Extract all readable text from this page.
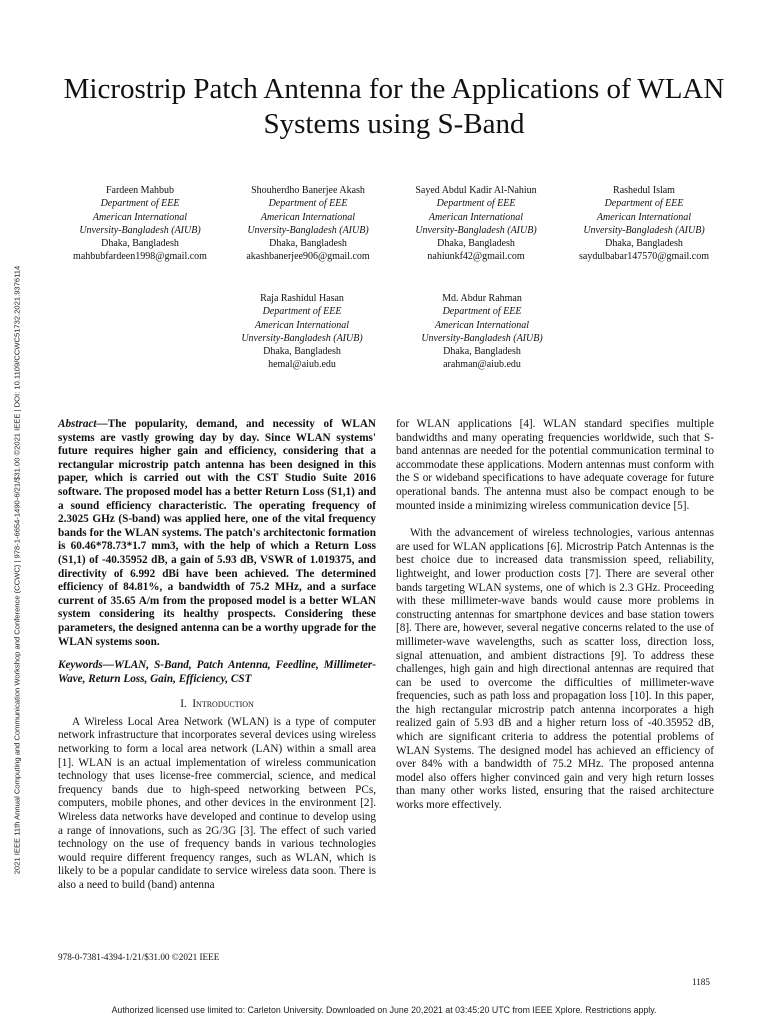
2021 IEEE 11th Annual Computing and Communication Workshop and Conference (CCWC) | 978-1-6654-1490-6/21/$31.00 ©2021 IEEE | DOI: 10.1109/CCWC51732.2021.9376114
Microstrip Patch Antenna for the Applications of WLAN Systems using S-Band
Fardeen Mahbub
Department of EEE
American International
Unversity-Bangladesh (AIUB)
Dhaka, Bangladesh
mahbubfardeen1998@gmail.com
Shouherdho Banerjee Akash
Department of EEE
American International
Unversity-Bangladesh (AIUB)
Dhaka, Bangladesh
akashbanerjee906@gmail.com
Sayed Abdul Kadir Al-Nahiun
Department of EEE
American International
Unversity-Bangladesh (AIUB)
Dhaka, Bangladesh
nahiunkf42@gmail.com
Rashedul Islam
Department of EEE
American International
Unversity-Bangladesh (AIUB)
Dhaka, Bangladesh
saydulbabar147570@gmail.com
Raja Rashidul Hasan
Department of EEE
American International
Unversity-Bangladesh (AIUB)
Dhaka, Bangladesh
hemal@aiub.edu
Md. Abdur Rahman
Department of EEE
American International
Unversity-Bangladesh (AIUB)
Dhaka, Bangladesh
arahman@aiub.edu

Abstract—The popularity, demand, and necessity of WLAN systems are vastly growing day by day. Since WLAN systems' future requires higher gain and efficiency, considering that a rectangular microstrip patch antenna has been designed in this paper, which is carried out with the CST Studio Suite 2016 software. The proposed model has a better Return Loss (S1,1) and a sound efficiency characteristic. The operating frequency of 2.3025 GHz (S-band) was applied here, one of the vital frequency bands for the WLAN systems. The patch's architectonic formation is 60.46*78.73*1.7 mm3, with the help of which a Return Loss (S1,1) of -40.35952 dB, a gain of 5.93 dB, VSWR of 1.019375, and directivity of 6.992 dBi have been achieved. The determined efficiency of 84.81%, a bandwidth of 75.2 MHz, and a surface current of 35.65 A/m from the proposed model is a better WLAN system considering its healthy prospects. Considering these parameters, the designed antenna can be a worthy upgrade for the WLAN systems soon.

Keywords—WLAN, S-Band, Patch Antenna, Feedline, Millimeter-Wave, Return Loss, Gain, Efficiency, CST

I. Introduction

A Wireless Local Area Network (WLAN) is a type of computer network infrastructure that incorporates several devices using wireless networking to form a local area network (LAN) within a small area [1]. WLAN is an actual implementation of wireless communication technology that uses license-free commercial, science, and medical frequency bands due to high-speed networking between PCs, computers, mobile phones, and other devices in the environment [2]. Wireless data networks have developed and continue to develop using a range of innovations, such as 2G/3G [3]. The effect of such varied technology on the use of frequency bands in various technologies would require different frequency ranges, such as WLAN, which is likely to be a popular candidate to service wireless data soon. There is also a need to build (band) antenna

for WLAN applications [4]. WLAN standard specifies multiple bandwidths and many operating frequencies worldwide, such that S-band antennas are needed for the potential communication terminal to accommodate these applications. Modern antennas must conform with the S or wideband specifications to have adequate coverage for future operational bands. The antenna must also be compact enough to be mounted inside a minimizing wireless communication device [5].

With the advancement of wireless technologies, various antennas are used for WLAN applications [6]. Microstrip Patch Antennas is the best choice due to increased data transmission speed, reliability, lightweight, and lower production costs [7]. There are several other bands targeting WLAN systems, one of which is 2.3 GHz. Proceeding with these millimeter-wave bands would cause more problems in constructing antennas for smartphone devices and base station towers [8]. There are, however, several negative concerns related to the use of millimeter-wave wavelengths, such as scatter loss, direction loss, signal attenuation, and ambient distractions [9]. To address these challenges, high gain and high directional antennas are required that can be used to overcome the difficulties of millimeter-wave frequencies, such as path loss and propagation loss [10]. In this paper, the high rectangular microstrip patch antenna incorporates a high realized gain of 5.93 dB and a higher return loss of -40.35952 dB, which are significant criteria to address the potential problems of WLAN Systems. The designed model has achieved an efficiency of over 84% with a bandwidth of 75.2 MHz. The proposed antenna model also offers higher convinced gain and very high return losses than many other works listed, ensuring that the raised architecture works more effectively.

978-0-7381-4394-1/21/$31.00 ©2021 IEEE
1185
Authorized licensed use limited to: Carleton University. Downloaded on June 20,2021 at 03:45:20 UTC from IEEE Xplore. Restrictions apply.
